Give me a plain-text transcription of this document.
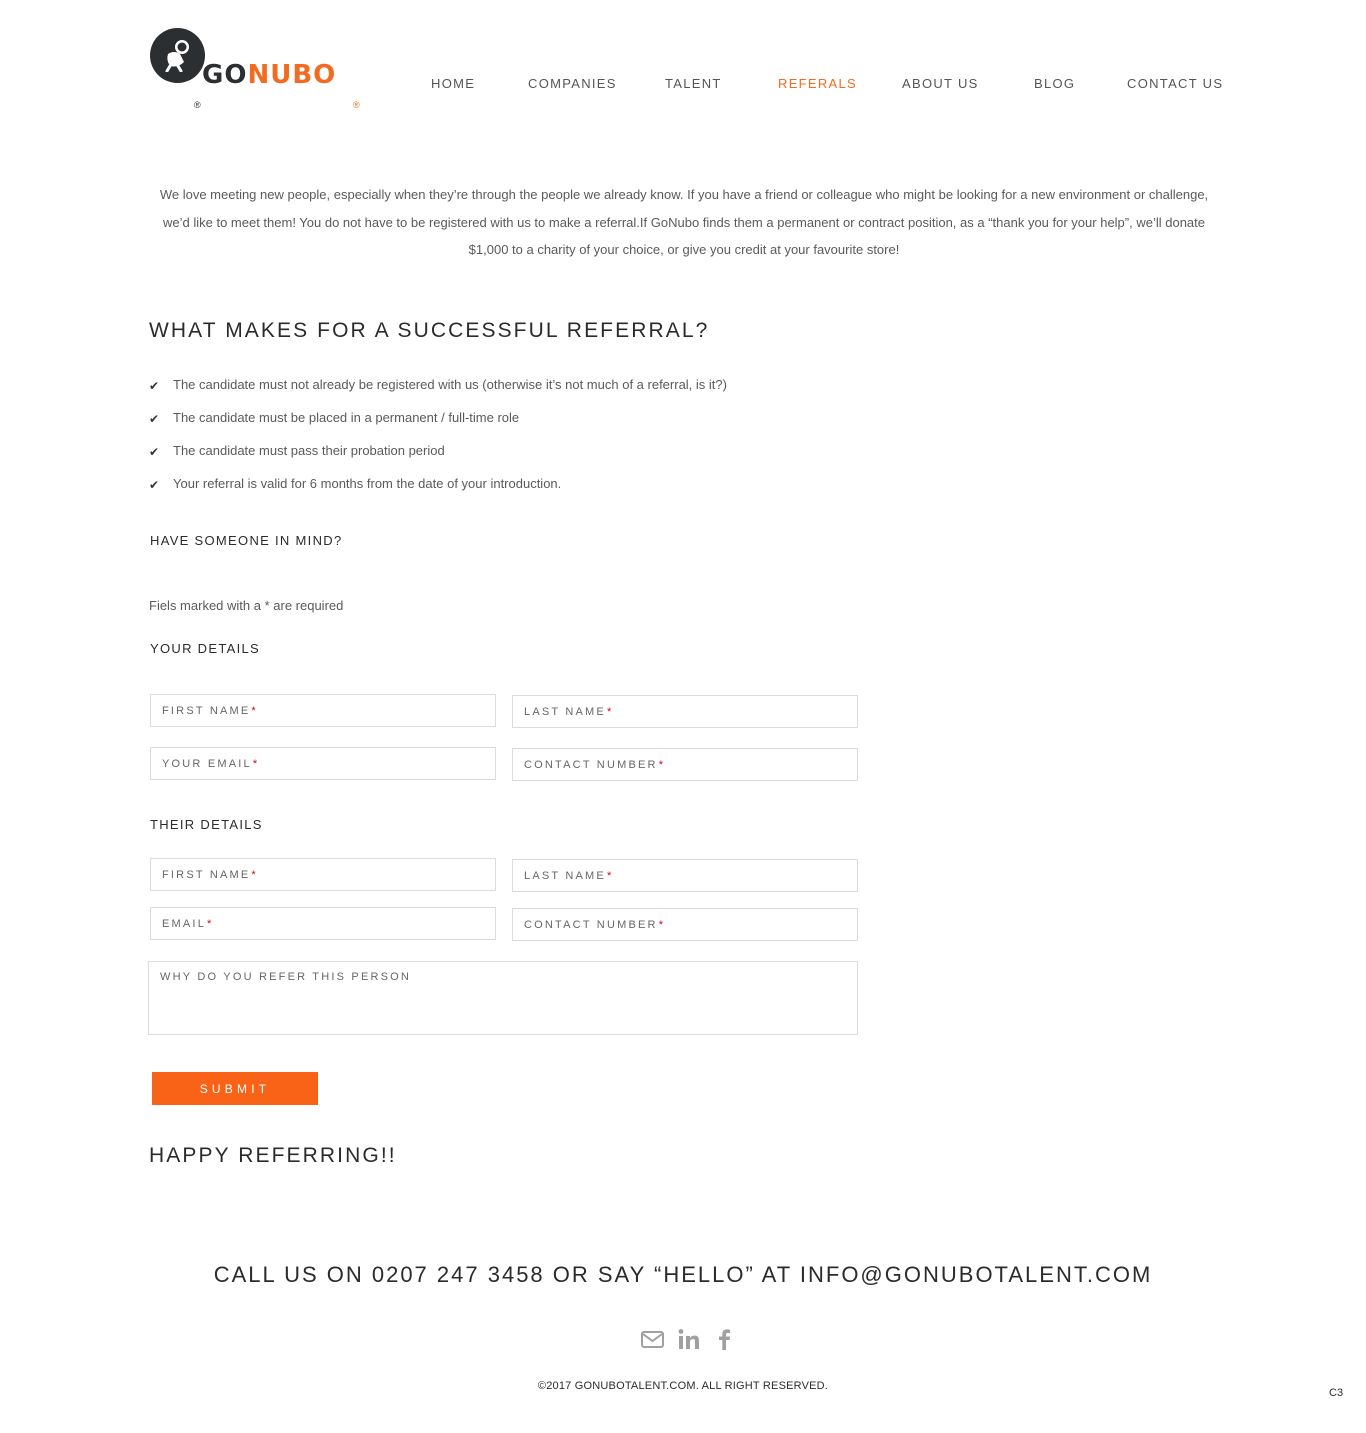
GONUBO
®	®
HOME	COMPANIES	TALENT	REFERALS	ABOUT US	BLOG	CONTACT US

We love meeting new people, especially when they’re through the people we already know. If you have a friend or colleague who might be looking for a new environment or challenge, we’d like to meet them! You do not have to be registered with us to make a referral.If GoNubo finds them a permanent or contract position, as a “thank you for your help”, we’ll donate $1,000 to a charity of your choice, or give you credit at your favourite store!

WHAT MAKES FOR A SUCCESSFUL REFERRAL?
✔ The candidate must not already be registered with us (otherwise it’s not much of a referral, is it?)
✔ The candidate must be placed in a permanent / full-time role
✔ The candidate must pass their probation period
✔ Your referral is valid for 6 months from the date of your introduction.
HAVE SOMEONE IN MIND?

Fiels marked with a * are required

YOUR DETAILS
FIRST NAME *	LAST NAME *
YOUR EMAIL *	CONTACT NUMBER *
THEIR DETAILS
FIRST NAME *	LAST NAME *
EMAIL *	CONTACT NUMBER *
WHY DO YOU REFER THIS PERSON
SUBMIT
HAPPY REFERRING!!
CALL US ON 0207 247 3458 OR SAY “HELLO” AT INFO@GONUBOTALENT.COM

©2017 GONUBOTALENT.COM. ALL RIGHT RESERVED.

C3
